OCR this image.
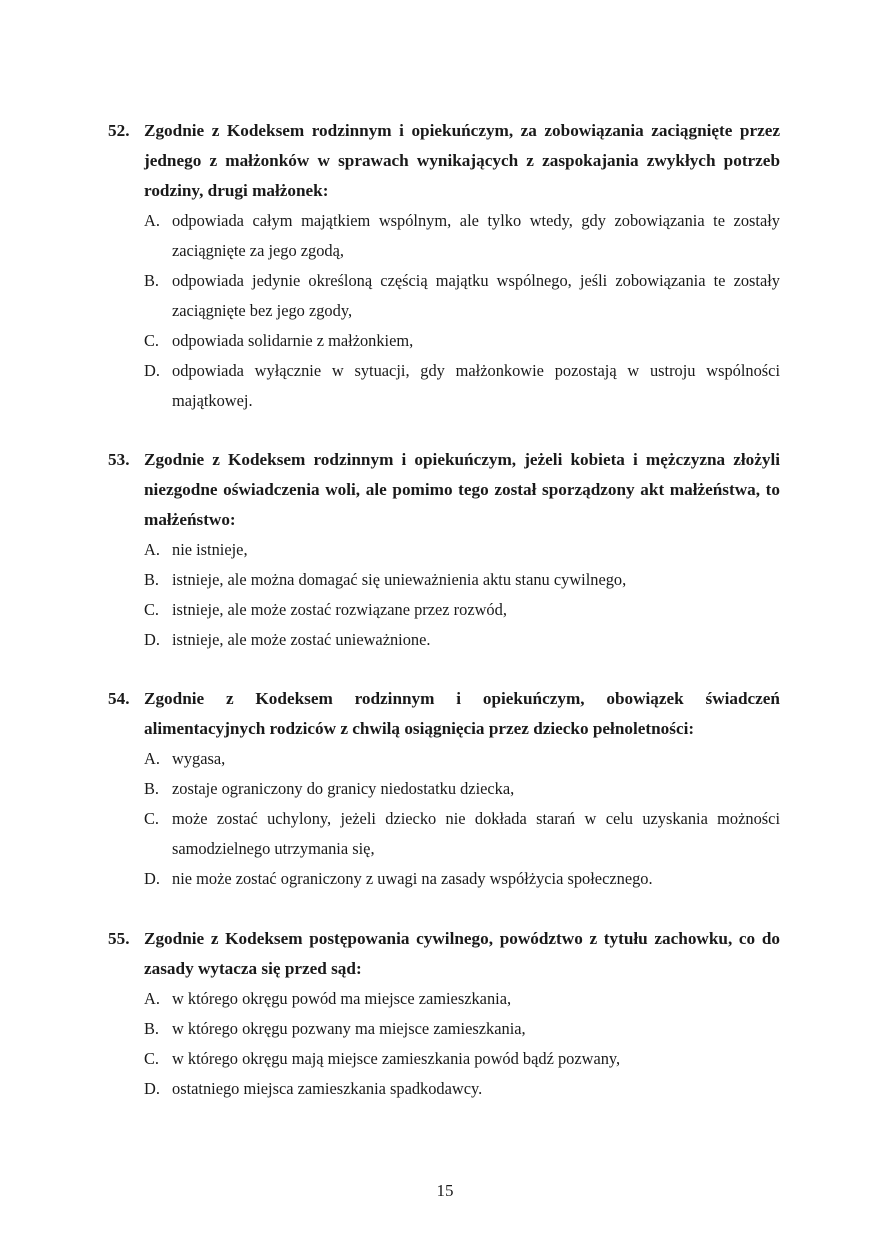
52. Zgodnie z Kodeksem rodzinnym i opiekuńczym, za zobowiązania zaciągnięte przez jednego z małżonków w sprawach wynikających z zaspokajania zwykłych potrzeb rodziny, drugi małżonek:
A. odpowiada całym majątkiem wspólnym, ale tylko wtedy, gdy zobowiązania te zostały zaciągnięte za jego zgodą,
B. odpowiada jedynie określoną częścią majątku wspólnego, jeśli zobowiązania te zostały zaciągnięte bez jego zgody,
C. odpowiada solidarnie z małżonkiem,
D. odpowiada wyłącznie w sytuacji, gdy małżonkowie pozostają w ustroju wspólności majątkowej.
53. Zgodnie z Kodeksem rodzinnym i opiekuńczym, jeżeli kobieta i mężczyzna złożyli niezgodne oświadczenia woli, ale pomimo tego został sporządzony akt małżeństwa, to małżeństwo:
A. nie istnieje,
B. istnieje, ale można domagać się unieważnienia aktu stanu cywilnego,
C. istnieje, ale może zostać rozwiązane przez rozwód,
D. istnieje, ale może zostać unieważnione.
54. Zgodnie z Kodeksem rodzinnym i opiekuńczym, obowiązek świadczeń alimentacyjnych rodziców z chwilą osiągnięcia przez dziecko pełnoletności:
A. wygasa,
B. zostaje ograniczony do granicy niedostatku dziecka,
C. może zostać uchylony, jeżeli dziecko nie dokłada starań w celu uzyskania możności samodzielnego utrzymania się,
D. nie może zostać ograniczony z uwagi na zasady współżycia społecznego.
55. Zgodnie z Kodeksem postępowania cywilnego, powództwo z tytułu zachowku, co do zasady wytacza się przed sąd:
A. w którego okręgu powód ma miejsce zamieszkania,
B. w którego okręgu pozwany ma miejsce zamieszkania,
C. w którego okręgu mają miejsce zamieszkania powód bądź pozwany,
D. ostatniego miejsca zamieszkania spadkodawcy.
15
